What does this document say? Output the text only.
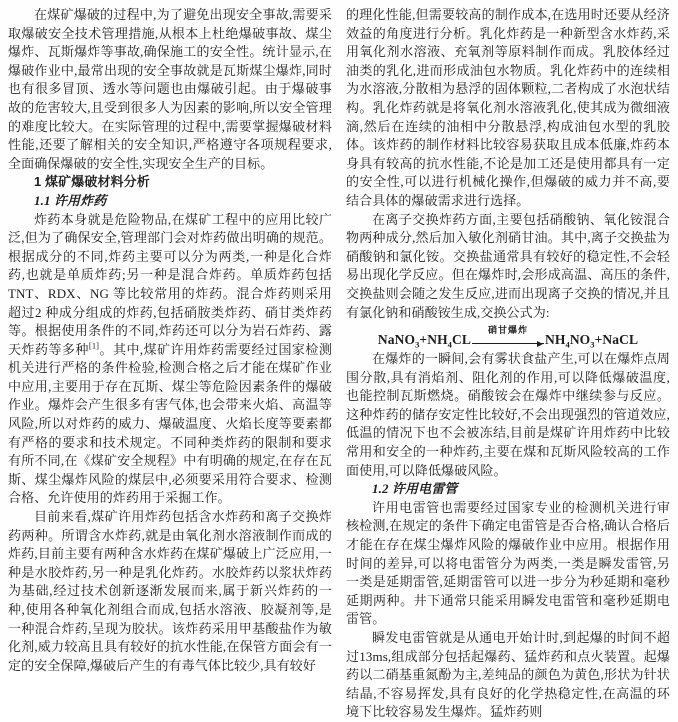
在煤矿爆破的过程中,为了避免出现安全事故,需要采取爆破安全技术管理措施,从根本上杜绝爆破事故、煤尘爆炸、瓦斯爆炸等事故,确保施工的安全性。统计显示,在爆破作业中,最常出现的安全事故就是瓦斯煤尘爆炸,同时也有很多冒顶、透水等问题也由爆破引起。由于爆破事故的危害较大,且受到很多人为因素的影响,所以安全管理的难度比较大。在实际管理的过程中,需要掌握爆破材料性能,还要了解相关的安全知识,严格遵守各项规程要求,全面确保爆破的安全性,实现安全生产的目标。

1 煤矿爆破材料分析
1.1 许用炸药

炸药本身就是危险物品,在煤矿工程中的应用比较广泛,但为了确保安全,管理部门会对炸药做出明确的规范。根据成分的不同,炸药主要可以分为两类,一种是化合炸药,也就是单质炸药;另一种是混合炸药。单质炸药包括TNT、RDX、NG 等比较常用的炸药。混合炸药则采用超过2 种成分组成的炸药,包括硝胺类炸药、硝甘类炸药等。根据使用条件的不同,炸药还可以分为岩石炸药、露天炸药等多种[1]。其中,煤矿许用炸药需要经过国家检测机关进行严格的条件检验,检测合格之后才能在煤矿作业中应用,主要用于存在瓦斯、煤尘等危险因素条件的爆破作业。爆炸会产生很多有害气体,也会带来火焰、高温等风险,所以对炸药的威力、爆破温度、火焰长度等要素都有严格的要求和技术规定。不同种类炸药的限制和要求有所不同,在《煤矿安全规程》中有明确的规定,在存在瓦斯、煤尘爆炸风险的煤层中,必须要采用符合要求、检测合格、允许使用的炸药用于采掘工作。

目前来看,煤矿许用炸药包括含水炸药和离子交换炸药两种。所谓含水炸药,就是由氧化剂水溶液制作而成的炸药,目前主要有两种含水炸药在煤矿爆破上广泛应用,一种是水胶炸药,另一种是乳化炸药。水胶炸药以浆状炸药为基础,经过技术创新逐渐发展而来,属于新兴炸药的一种,使用各种氧化剂组合而成,包括水溶液、胶凝剂等,是一种混合炸药,呈现为胶状。该炸药采用甲基酸盐作为敏化剂,威力较高且具有较好的抗水性能,在保管方面会有一定的安全保障,爆破后产生的有毒气体比较少,具有较好

的理化性能,但需要较高的制作成本,在选用时还要从经济效益的角度进行分析。乳化炸药是一种新型含水炸药,采用氧化剂水溶液、充氧剂等原料制作而成。乳胶体经过油类的乳化,进而形成油包水物质。乳化炸药中的连续相为水溶液,分散相为悬浮的固体颗粒,二者构成了水泡状结构。乳化炸药就是将氧化剂水溶液乳化,使其成为微细液滴,然后在连续的油相中分散悬浮,构成油包水型的乳胶体。该炸药的制作材料比较容易获取且成本低廉,炸药本身具有较高的抗水性能,不论是加工还是使用都具有一定的安全性,可以进行机械化操作,但爆破的威力并不高,要结合具体的爆破需求进行选择。

在离子交换炸药方面,主要包括硝酸钠、氧化铵混合物两种成分,然后加入敏化剂硝甘油。其中,离子交换盐为硝酸钠和氯化铵。交换盐通常具有较好的稳定性,不会轻易出现化学反应。但在爆炸时,会形成高温、高压的条件,交换盐则会随之发生反应,进而出现离子交换的情况,并且有氯化钠和硝酸铵生成,交换公式为:

$NaNO_3+NH_4CL$
硝甘爆炸
$NH_4NO_3+NaCL$

在爆炸的一瞬间,会有雾状食盐产生,可以在爆炸点周围分散,具有消焰剂、阻化剂的作用,可以降低爆破温度,也能控制瓦斯燃烧。硝酸铵会在爆炸中继续参与反应。这种炸药的储存安定性比较好,不会出现强烈的管道效应,低温的情况下也不会被冻结,目前是煤矿许用炸药中比较常用和安全的一种炸药,主要在煤和瓦斯风险较高的工作面使用,可以降低爆破风险。

1.2 许用电雷管

许用电雷管也需要经过国家专业的检测机关进行审核检测,在规定的条件下确定电雷管是否合格,确认合格后才能在存在煤尘爆炸风险的爆破作业中应用。根据作用时间的差异,可以将电雷管分为两类,一类是瞬发雷管,另一类是延期雷管,延期雷管可以进一步分为秒延期和毫秒延期两种。井下通常只能采用瞬发电雷管和毫秒延期电雷管。

瞬发电雷管就是从通电开始计时,到起爆的时间不超过13ms,组成部分包括起爆药、猛炸药和点火装置。起爆药以二硝基重氮酚为主,差纯品的颜色为黄色,形状为针状结晶,不容易挥发,具有良好的化学热稳定性,在高温的环境下比较容易发生爆炸。猛炸药则
